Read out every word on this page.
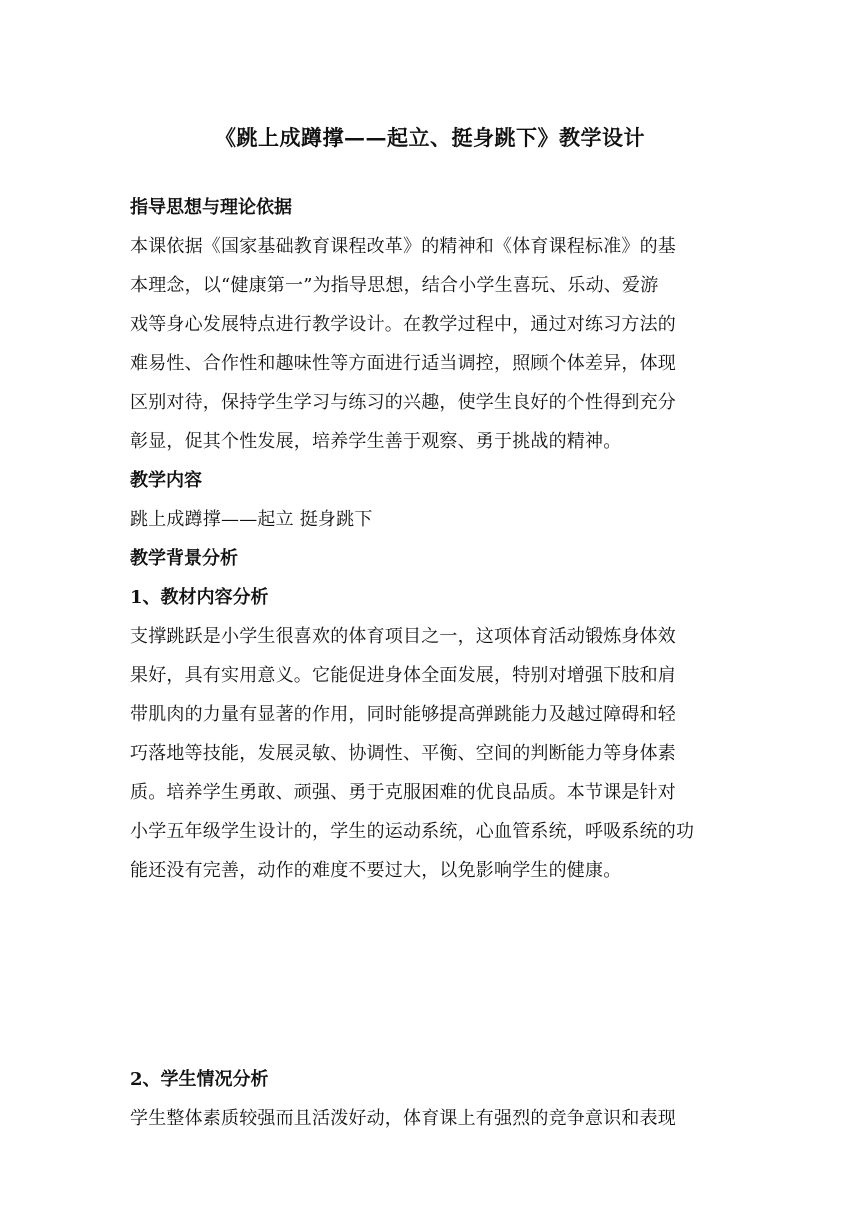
《跳上成蹲撑——起立、挺身跳下》教学设计
指导思想与理论依据
本课依据《国家基础教育课程改革》的精神和《体育课程标准》的基
本理念，以“健康第一”为指导思想，结合小学生喜玩、乐动、爱游
戏等身心发展特点进行教学设计。在教学过程中，通过对练习方法的
难易性、合作性和趣味性等方面进行适当调控，照顾个体差异，体现
区别对待，保持学生学习与练习的兴趣，使学生良好的个性得到充分
彰显，促其个性发展，培养学生善于观察、勇于挑战的精神。
教学内容
跳上成蹲撑——起立 挺身跳下
教学背景分析
1、教材内容分析
支撑跳跃是小学生很喜欢的体育项目之一，这项体育活动锻炼身体效
果好，具有实用意义。它能促进身体全面发展，特别对增强下肢和肩
带肌肉的力量有显著的作用，同时能够提高弹跳能力及越过障碍和轻
巧落地等技能，发展灵敏、协调性、平衡、空间的判断能力等身体素
质。培养学生勇敢、顽强、勇于克服困难的优良品质。本节课是针对
小学五年级学生设计的，学生的运动系统，心血管系统，呼吸系统的功
能还没有完善，动作的难度不要过大，以免影响学生的健康。
2、学生情况分析
学生整体素质较强而且活泼好动，体育课上有强烈的竞争意识和表现
